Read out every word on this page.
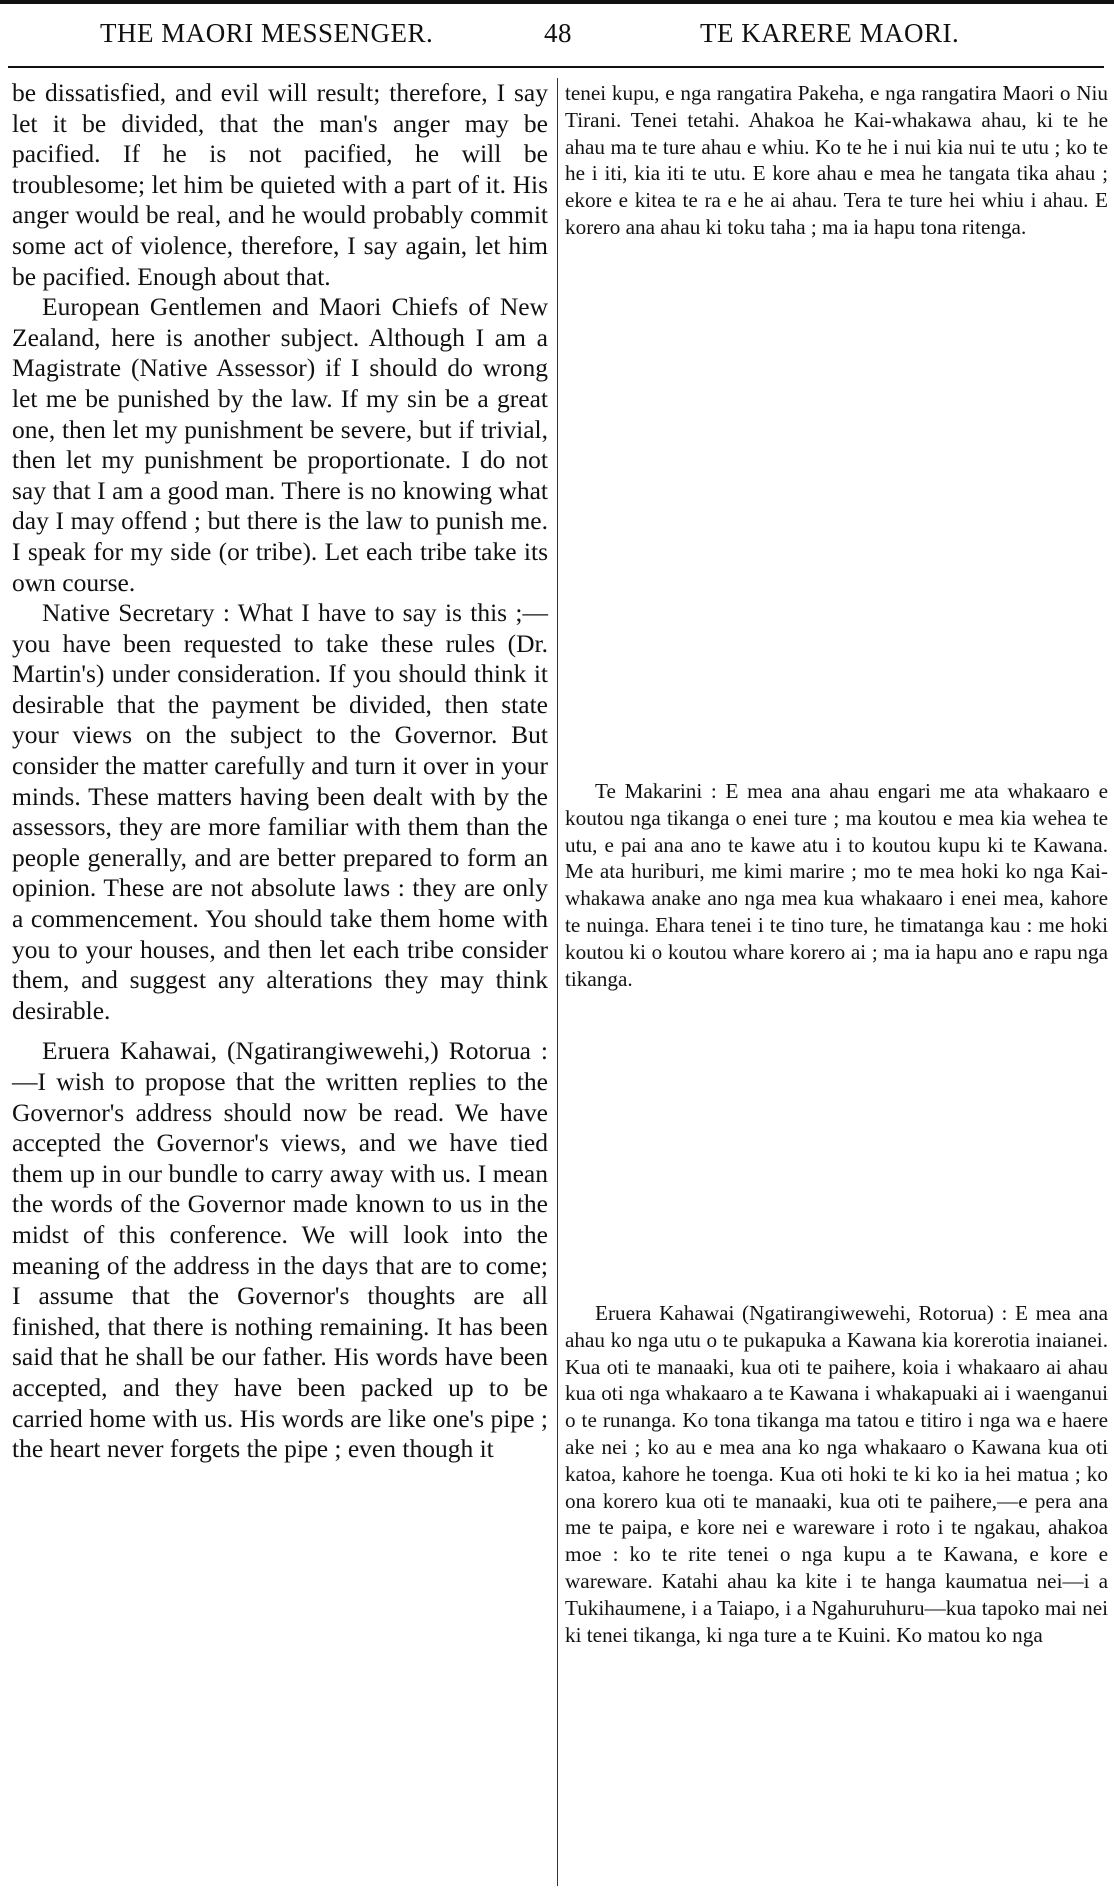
THE MAORI MESSENGER.	48	TE KARERE MAORI.

be dissatisfied, and evil will result; therefore, I say let it be divided, that the man's anger may be pacified. If he is not pacified, he will be troublesome; let him be quieted with a part of it. His anger would be real, and he would probably commit some act of violence, therefore, I say again, let him be pacified. Enough about that.

European Gentlemen and Maori Chiefs of New Zealand, here is another subject. Although I am a Magistrate (Native Assessor) if I should do wrong let me be punished by the law. If my sin be a great one, then let my punishment be severe, but if trivial, then let my punishment be proportionate. I do not say that I am a good man. There is no knowing what day I may offend ; but there is the law to punish me. I speak for my side (or tribe). Let each tribe take its own course.

Native Secretary : What I have to say is this ;—you have been requested to take these rules (Dr. Martin's) under consideration. If you should think it desirable that the payment be divided, then state your views on the subject to the Governor. But consider the matter carefully and turn it over in your minds. These matters having been dealt with by the assessors, they are more familiar with them than the people generally, and are better prepared to form an opinion. These are not absolute laws : they are only a commencement. You should take them home with you to your houses, and then let each tribe consider them, and suggest any alterations they may think desirable.

Eruera Kahawai, (Ngatirangiwewehi,) Rotorua :—I wish to propose that the written replies to the Governor's address should now be read. We have accepted the Governor's views, and we have tied them up in our bundle to carry away with us. I mean the words of the Governor made known to us in the midst of this conference. We will look into the meaning of the address in the days that are to come; I assume that the Governor's thoughts are all finished, that there is nothing remaining. It has been said that he shall be our father. His words have been accepted, and they have been packed up to be carried home with us. His words are like one's pipe ; the heart never forgets the pipe ; even though it

tenei kupu, e nga rangatira Pakeha, e nga rangatira Maori o Niu Tirani. Tenei tetahi. Ahakoa he Kai-whakawa ahau, ki te he ahau ma te ture ahau e whiu. Ko te he i nui kia nui te utu ; ko te he i iti, kia iti te utu. E kore ahau e mea he tangata tika ahau ; ekore e kitea te ra e he ai ahau. Tera te ture hei whiu i ahau. E korero ana ahau ki toku taha ; ma ia hapu tona ritenga.

Te Makarini : E mea ana ahau engari me ata whakaaro e koutou nga tikanga o enei ture ; ma koutou e mea kia wehea te utu, e pai ana ano te kawe atu i to koutou kupu ki te Kawana. Me ata huriburi, me kimi marire ; mo te mea hoki ko nga Kai-whakawa anake ano nga mea kua whakaaro i enei mea, kahore te nuinga. Ehara tenei i te tino ture, he timatanga kau : me hoki koutou ki o koutou whare korero ai ; ma ia hapu ano e rapu nga tikanga.

Eruera Kahawai (Ngatirangiwewehi, Rotorua) : E mea ana ahau ko nga utu o te pukapuka a Kawana kia korerotia inaianei. Kua oti te manaaki, kua oti te paihere, koia i whakaaro ai ahau kua oti nga whakaaro a te Kawana i whakapuaki ai i waenganui o te runanga. Ko tona tikanga ma tatou e titiro i nga wa e haere ake nei ; ko au e mea ana ko nga whakaaro o Kawana kua oti katoa, kahore he toenga. Kua oti hoki te ki ko ia hei matua ; ko ona korero kua oti te manaaki, kua oti te paihere,—e pera ana me te paipa, e kore nei e wareware i roto i te ngakau, ahakoa moe : ko te rite tenei o nga kupu a te Kawana, e kore e wareware. Katahi ahau ka kite i te hanga kaumatua nei—i a Tukihaumene, i a Taiapo, i a Ngahuruhuru—kua tapoko mai nei ki tenei tikanga, ki nga ture a te Kuini. Ko matou ko nga
